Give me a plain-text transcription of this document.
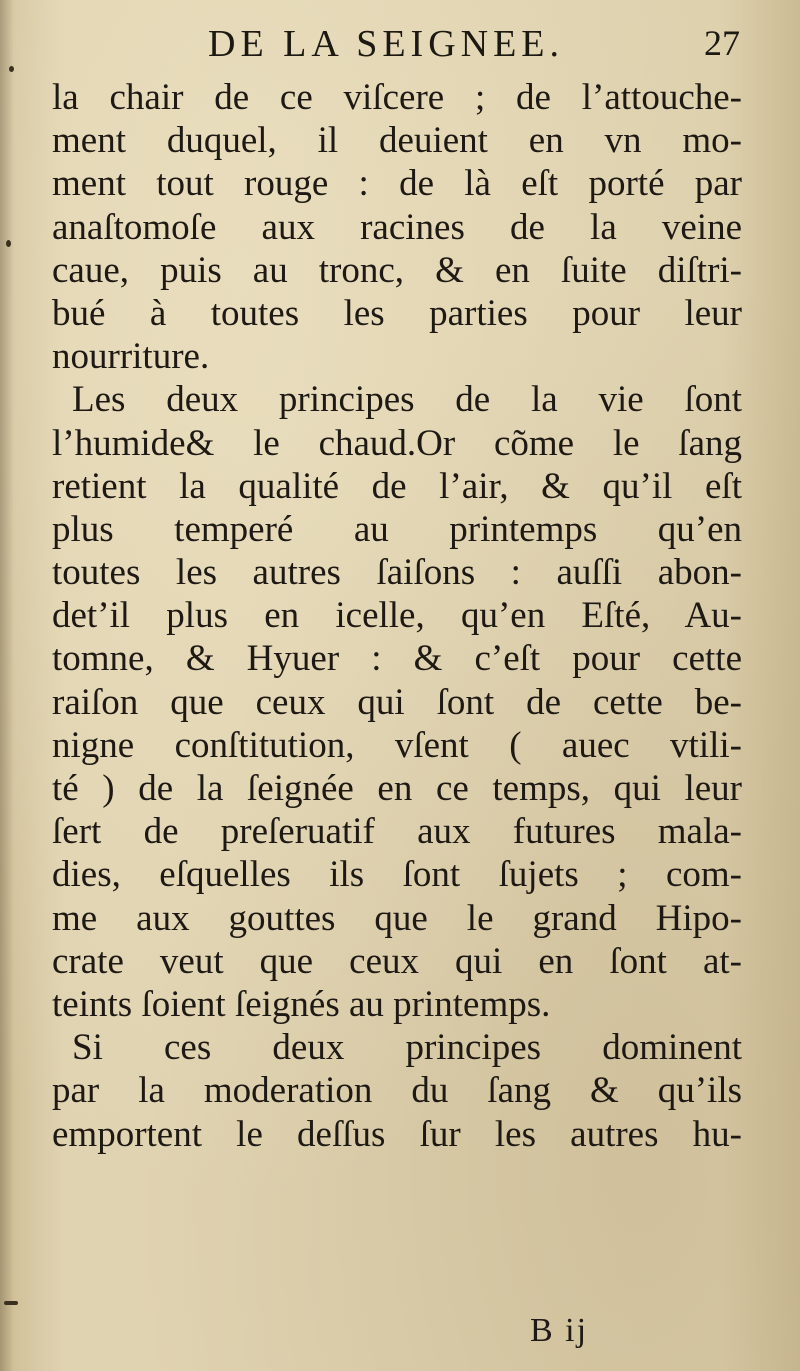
DE LA SEIGNEE.	27
la chair de ce viſcere ; de l’attouche-
ment duquel, il deuient en vn mo-
ment tout rouge : de là eſt porté par
anaſtomoſe aux racines de la veine
caue, puis au tronc, & en ſuite diſtri-
bué à toutes les parties pour leur
nourriture.
Les deux principes de la vie ſont
l’humide& le chaud.Or cõme le ſang
retient la qualité de l’air, & qu’il eſt
plus temperé au printemps qu’en
toutes les autres ſaiſons : auſſi abon-
det’il plus en icelle, qu’en Eſté, Au-
tomne, & Hyuer : & c’eſt pour cette
raiſon que ceux qui ſont de cette be-
nigne conſtitution, vſent ( auec vtili-
té ) de la ſeignée en ce temps, qui leur
ſert de preſeruatif aux futures mala-
dies, eſquelles ils ſont ſujets ; com-
me aux gouttes que le grand Hipo-
crate veut que ceux qui en ſont at-
teints ſoient ſeignés au printemps.
Si ces deux principes dominent
par la moderation du ſang & qu’ils
emportent le deſſus ſur les autres hu-
B ij
